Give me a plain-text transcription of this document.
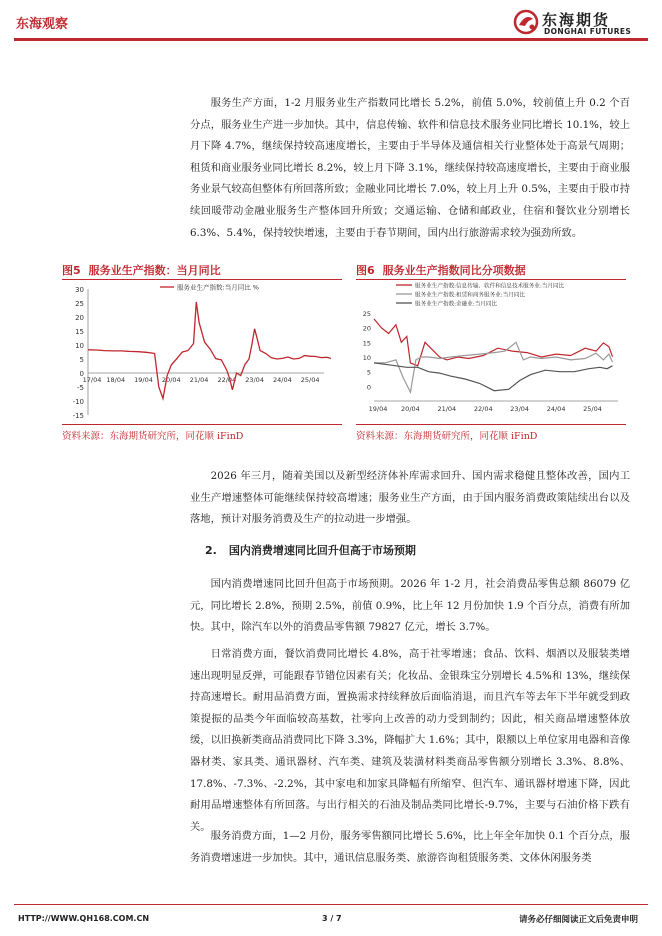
东海观察	东海期货
DONGHAI FUTURES

服务生产方面，1-2 月服务业生产指数同比增长 5.2%，前值 5.0%，较前值上升 0.2 个百分点，服务业生产进一步加快。其中，信息传输、软件和信息技术服务业同比增长 10.1%，较上月下降 4.7%，继续保持较高速度增长，主要由于半导体及通信相关行业整体处于高景气周期；租赁和商业服务业同比增长 8.2%，较上月下降 3.1%，继续保持较高速度增长，主要由于商业服务业景气较高但整体有所回落所致；金融业同比增长 7.0%，较上月上升 0.5%，主要由于股市持续回暖带动金融业服务生产整体回升所致；交通运输、仓储和邮政业，住宿和餐饮业分别增长 6.3%、5.4%，保持较快增速，主要由于春节期间，国内出行旅游需求较为强劲所致。

图5 服务业生产指数：当月同比
-15
-10
-5
0
5
10
15
20
25
30
17/04 18/04 19/04 20/04 21/04 22/04 23/04 24/04 25/04
服务业生产指数:当月同比 %
资料来源：东海期货研究所，同花顺 iFinD
图6 服务业生产指数同比分项数据
25
20
15
10
5
0
19/04 20/04	21/04	22/04	23/04	24/04	25/04
服务业生产指数:信息传输、软件和信息技术服务业:当月同比
服务业生产指数:租赁和商务服务业:当月同比
服务业生产指数:金融业:当月同比
资料来源：东海期货研究所，同花顺 iFinD

2026 年三月，随着美国以及新型经济体补库需求回升、国内需求稳健且整体改善，国内工业生产增速整体可能继续保持较高增速；服务业生产方面，由于国内服务消费政策陆续出台以及落地，预计对服务消费及生产的拉动进一步增强。

2. 国内消费增速同比回升但高于市场预期

国内消费增速同比回升但高于市场预期。2026 年 1-2 月，社会消费品零售总额 86079 亿元，同比增长 2.8%，预期 2.5%，前值 0.9%，比上年 12 月份加快 1.9 个百分点，消费有所加快。其中，除汽车以外的消费品零售额 79827 亿元，增长 3.7%。

日常消费方面，餐饮消费同比增长 4.8%，高于社零增速；食品、饮料、烟酒以及服装类增速出现明显反弹，可能跟春节错位因素有关；化妆品、金银珠宝分别增长 4.5%和 13%，继续保持高速增长。耐用品消费方面，置换需求持续释放后面临消退，而且汽车等去年下半年就受到政策提振的品类今年面临较高基数，社零向上改善的动力受到制约；因此，相关商品增速整体放缓，以旧换新类商品消费同比下降 3.3%，降幅扩大 1.6%；其中，限额以上单位家用电器和音像器材类、家具类、通讯器材、汽车类、建筑及装潢材料类商品零售额分别增长 3.3%、8.8%、17.8%、-7.3%、-2.2%，其中家电和加家具降幅有所缩窄、但汽车、通讯器材增速下降，因此耐用品增速整体有所回落。与出行相关的石油及制品类同比增长-9.7%，主要与石油价格下跌有关。

服务消费方面，1—2 月份，服务零售额同比增长 5.6%，比上年全年加快 0.1 个百分点，服务消费增速进一步加快。其中，通讯信息服务类、旅游咨询租赁服务类、文体休闲服务类

HTTP://WWW.QH168.COM.CN	3 / 7	请务必仔细阅读正文后免责申明
